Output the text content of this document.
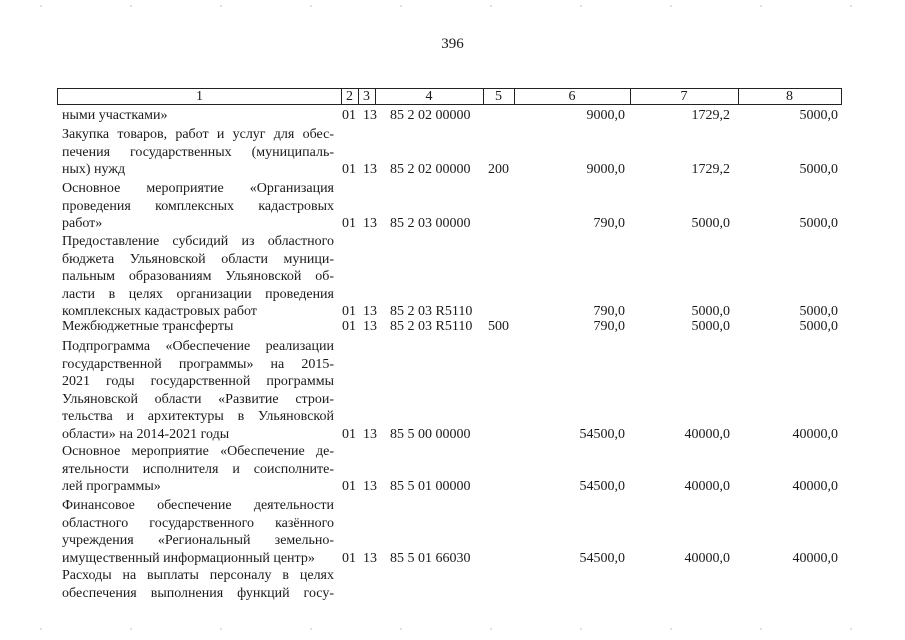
396
1	2 3	4	5	6	7	8
ными участками»	01 13 85 2 02 00000	9000,0	1729,2	5000,0
Закупка товаров, работ и услуг для обес-
печения государственных (муниципаль-
ных) нужд	01 13 85 2 02 00000 200	9000,0	1729,2	5000,0
Основное мероприятие «Организация
проведения комплексных кадастровых
работ»	01 13 85 2 03 00000	790,0	5000,0	5000,0
Предоставление субсидий из областного
бюджета Ульяновской области муници-
пальным образованиям Ульяновской об-
ласти в целях организации проведения
комплексных кадастровых работ	01 13 85 2 03 R5110	790,0	5000,0	5000,0
Межбюджетные трансферты	01 13 85 2 03 R5110 500	790,0	5000,0	5000,0
Подпрограмма «Обеспечение реализации
государственной программы» на 2015-
2021 годы государственной программы
Ульяновской области «Развитие строи-
тельства и архитектуры в Ульяновской
области» на 2014-2021 годы	01 13 85 5 00 00000	54500,0	40000,0	40000,0
Основное мероприятие «Обеспечение де-
ятельности исполнителя и соисполните-
лей программы»	01 13 85 5 01 00000	54500,0	40000,0	40000,0
Финансовое обеспечение деятельности
областного государственного казённого
учреждения «Региональный земельно-
имущественный информационный центр»	01 13 85 5 01 66030	54500,0	40000,0	40000,0
Расходы на выплаты персоналу в целях
обеспечения выполнения функций госу-
